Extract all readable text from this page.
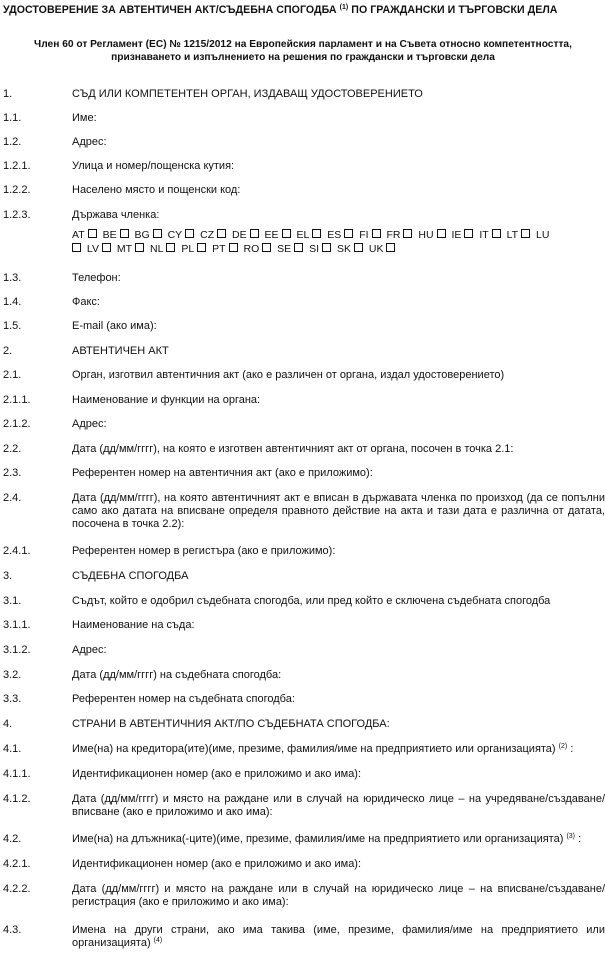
УДОСТОВЕРЕНИЕ ЗА АВТЕНТИЧЕН АКТ/СЪДЕБНА СПОГОДБА $^{(1)}$ ПО ГРАЖДАНСКИ И ТЪРГОВСКИ ДЕЛА
Член 60 от Регламент (ЕС) № 1215/2012 на Европейския парламент и на Съвета относно компетентността,
признаването и изпълнението на решения по граждански и търговски дела
1.	СЪД ИЛИ КОМПЕТЕНТЕН ОРГАН, ИЗДАВАЩ УДОСТОВЕРЕНИЕТО
1.1.	Име:
1.2.	Адрес:
1.2.1.	Улица и номер/пощенска кутия:
1.2.2.	Населено място и пощенски код:
1.2.3.	Държава членка:
AT BE BG CY CZ DE EE EL ES FI FR HU IE IT LT LU
LV MT NL PL PT RO SE SI SK UK
1.3.	Телефон:
1.4.	Факс:
1.5.	E-mail (ако има):
2.	АВТЕНТИЧЕН АКТ
2.1.	Орган, изготвил автентичния акт (ако е различен от органа, издал удостоверението)
2.1.1.	Наименование и функции на органа:
2.1.2.	Адрес:
2.2.	Дата (дд/мм/гггг), на която е изготвен автентичният акт от органа, посочен в точка 2.1:
2.3.	Референтен номер на автентичния акт (ако е приложимо):
2.4.	Дата (дд/мм/гггг), на която автентичният акт е вписан в държавата членка по произход (да се попълни само ако датата на вписване определя правното действие на акта и тази дата е различна от датата, посочена в точка 2.2):
2.4.1.	Референтен номер в регистъра (ако е приложимо):
3.	СЪДЕБНА СПОГОДБА
3.1.	Съдът, който е одобрил съдебната спогодба, или пред който е сключена съдебната спогодба
3.1.1.	Наименование на съда:
3.1.2.	Адрес:
3.2.	Дата (дд/мм/гггг) на съдебната спогодба:
3.3.	Референтен номер на съдебната спогодба:
4.	СТРАНИ В АВТЕНТИЧНИЯ АКТ/ПО СЪДЕБНАТА СПОГОДБА:
4.1.	Име(на) на кредитора(ите)(име, презиме, фамилия/име на предприятието или организацията) $^{(2)}$ :
4.1.1.	Идентификационен номер (ако е приложимо и ако има):
4.1.2.	Дата (дд/мм/гггг) и място на раждане или в случай на юридическо лице – на учредяване/създаване/вписване (ако е приложимо и ако има):
4.2.	Име(на) на длъжника(-ците)(име, презиме, фамилия/име на предприятието или организацията) $^{(3)}$ :
4.2.1.	Идентификационен номер (ако е приложимо и ако има):
4.2.2.	Дата (дд/мм/гггг) и място на раждане или в случай на юридическо лице – на вписване/създаване/регистрация (ако е приложимо и ако има):
4.3.	Имена на други страни, ако има такива (име, презиме, фамилия/име на предприятието или организацията) $^{(4)}$
